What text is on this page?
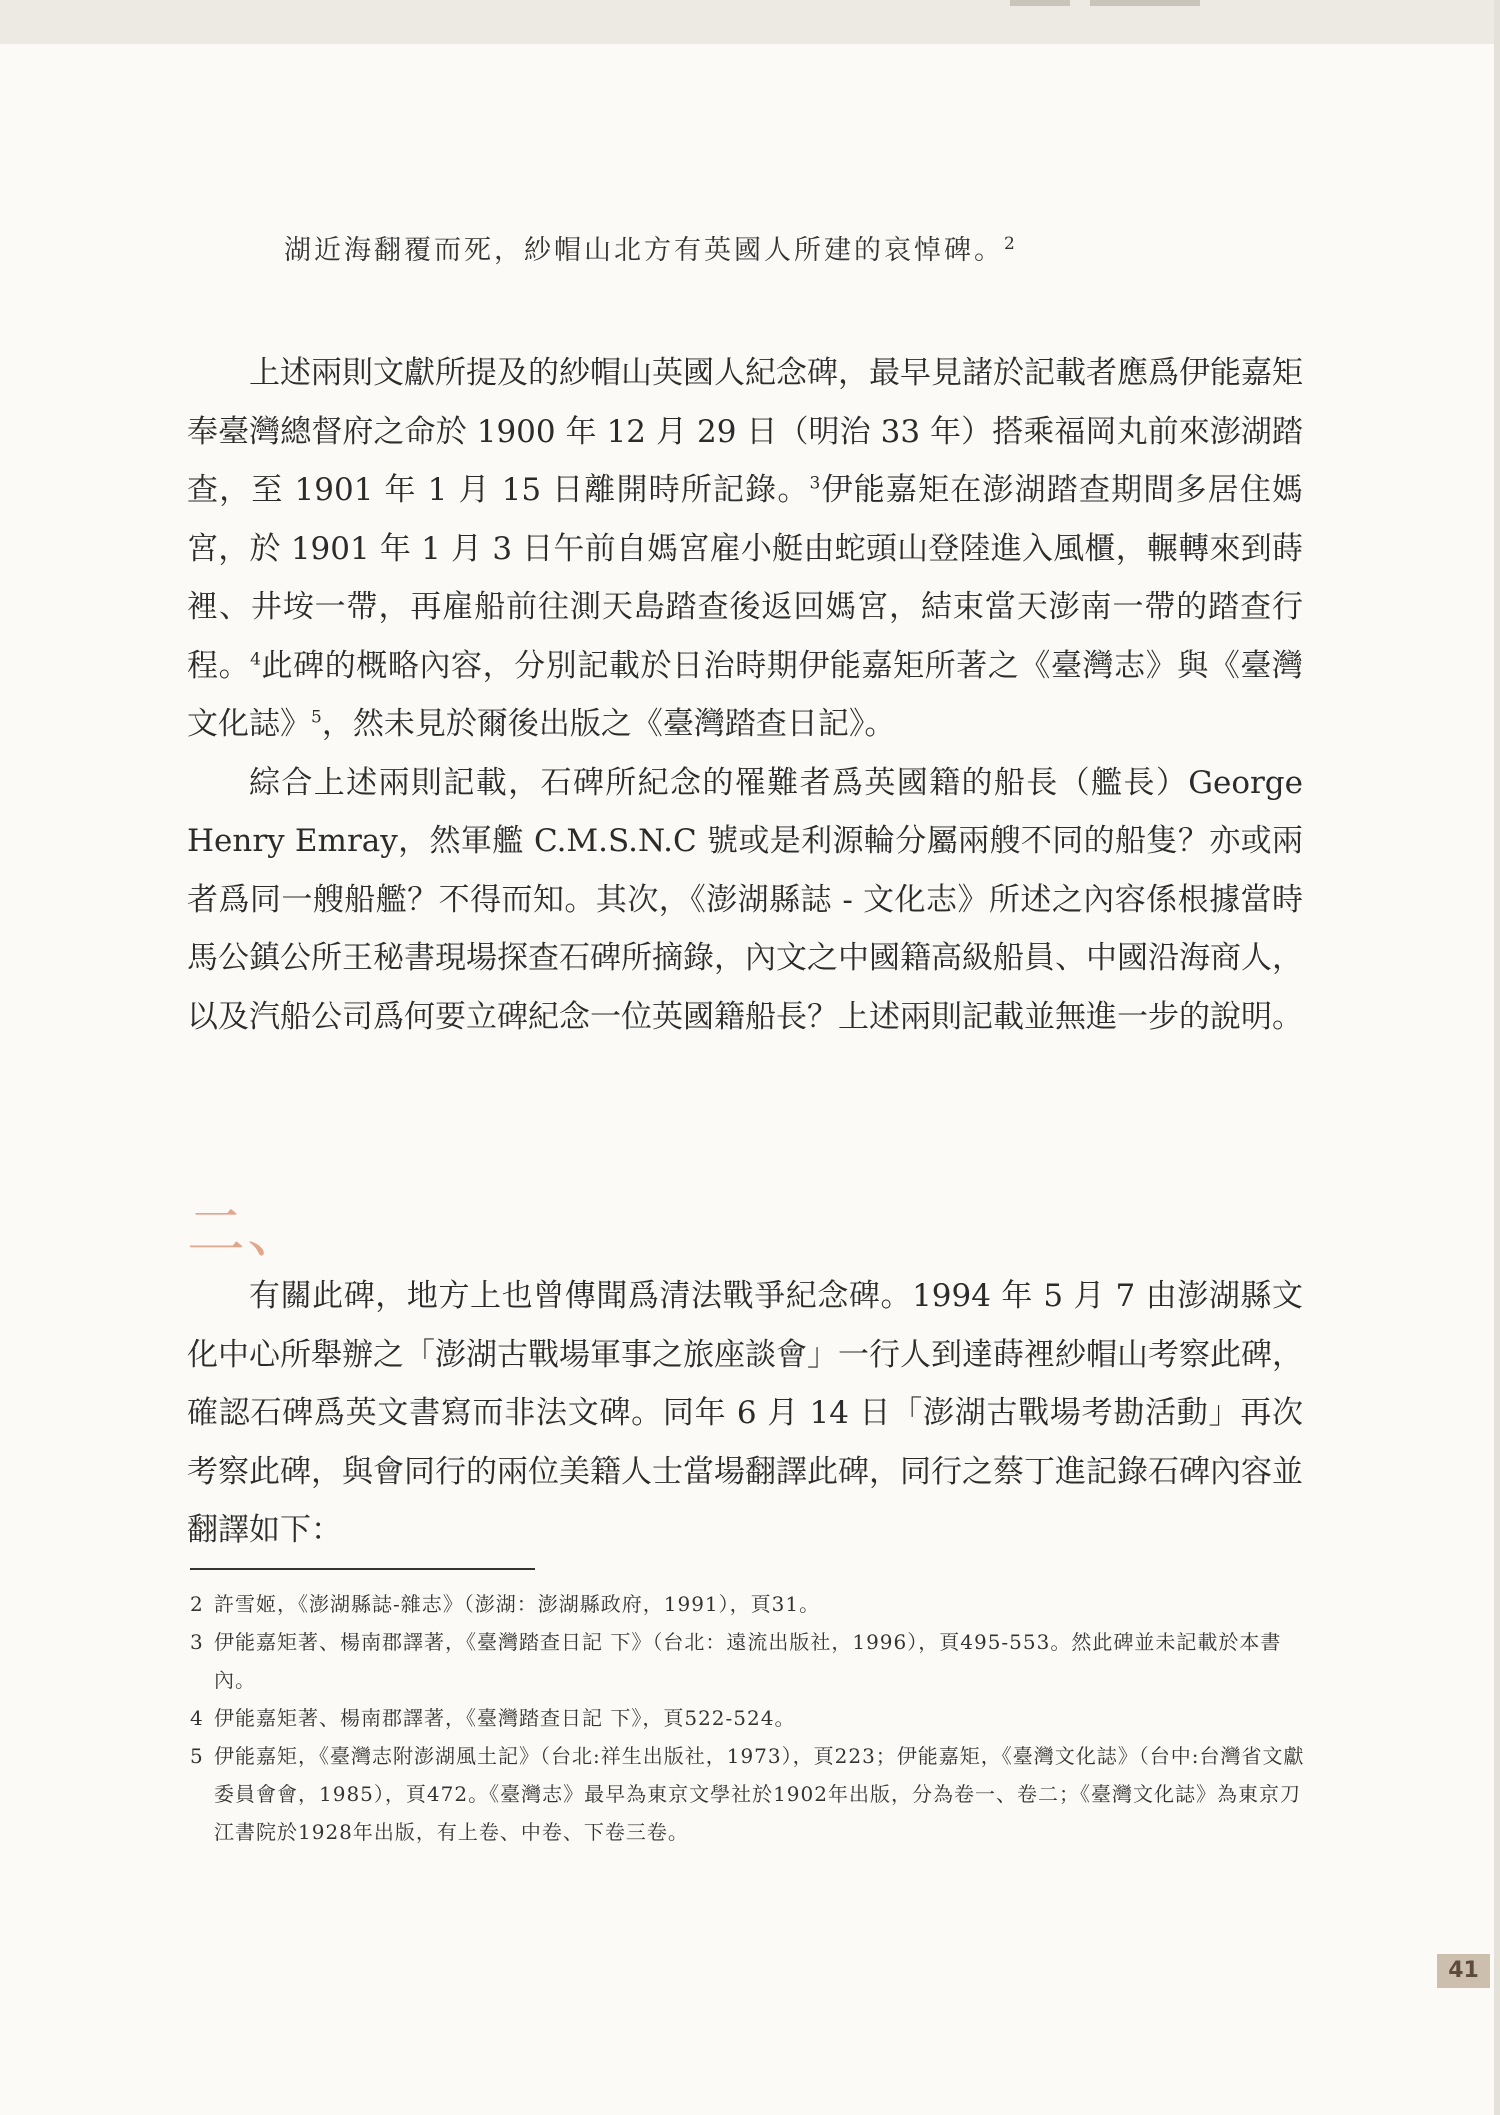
湖近海翻覆而死，紗帽山北方有英國人所建的哀悼碑。$^2$

上述兩則文獻所提及的紗帽山英國人紀念碑，最早見諸於記載者應爲伊能嘉矩奉臺灣總督府之命於 1900 年 12 月 29 日（明治 33 年）搭乘福岡丸前來澎湖踏查，至 1901 年 1 月 15 日離開時所記錄。$^3$伊能嘉矩在澎湖踏查期間多居住媽宮，於 1901 年 1 月 3 日午前自媽宮雇小艇由蛇頭山登陸進入風櫃，輾轉來到蒔裡、井垵一帶，再雇船前往測天島踏查後返回媽宮，結束當天澎南一帶的踏查行程。$^4$此碑的概略內容，分別記載於日治時期伊能嘉矩所著之《臺灣志》與《臺灣文化誌》$^5$，然未見於爾後出版之《臺灣踏查日記》。

綜合上述兩則記載，石碑所紀念的罹難者爲英國籍的船長（艦長）George Henry Emray，然軍艦 C.M.S.N.C 號或是利源輪分屬兩艘不同的船隻？亦或兩者爲同一艘船艦？不得而知。其次，《澎湖縣誌 - 文化志》所述之內容係根據當時馬公鎮公所王秘書現場探查石碑所摘錄，內文之中國籍高級船員、中國沿海商人，以及汽船公司爲何要立碑紀念一位英國籍船長？上述兩則記載並無進一步的說明。

二、

有關此碑，地方上也曾傳聞爲清法戰爭紀念碑。1994 年 5 月 7 由澎湖縣文化中心所舉辦之「澎湖古戰場軍事之旅座談會」一行人到達蒔裡紗帽山考察此碑，確認石碑爲英文書寫而非法文碑。同年 6 月 14 日「澎湖古戰場考勘活動」再次考察此碑，與會同行的兩位美籍人士當場翻譯此碑，同行之蔡丁進記錄石碑內容並翻譯如下：

2 許雪姬，《澎湖縣誌-雜志》（澎湖：澎湖縣政府，1991），頁31。
3 伊能嘉矩著、楊南郡譯著，《臺灣踏查日記 下》（台北：遠流出版社，1996），頁495-553。然此碑並未記載於本書內。
4 伊能嘉矩著、楊南郡譯著，《臺灣踏查日記 下》，頁522-524。
5 伊能嘉矩，《臺灣志附澎湖風土記》（台北:祥生出版社，1973），頁223；伊能嘉矩，《臺灣文化誌》（台中:台灣省文獻委員會會，1985），頁472。《臺灣志》最早為東京文學社於1902年出版，分為卷一、卷二；《臺灣文化誌》為東京刀江書院於1928年出版，有上卷、中卷、下卷三卷。
41
